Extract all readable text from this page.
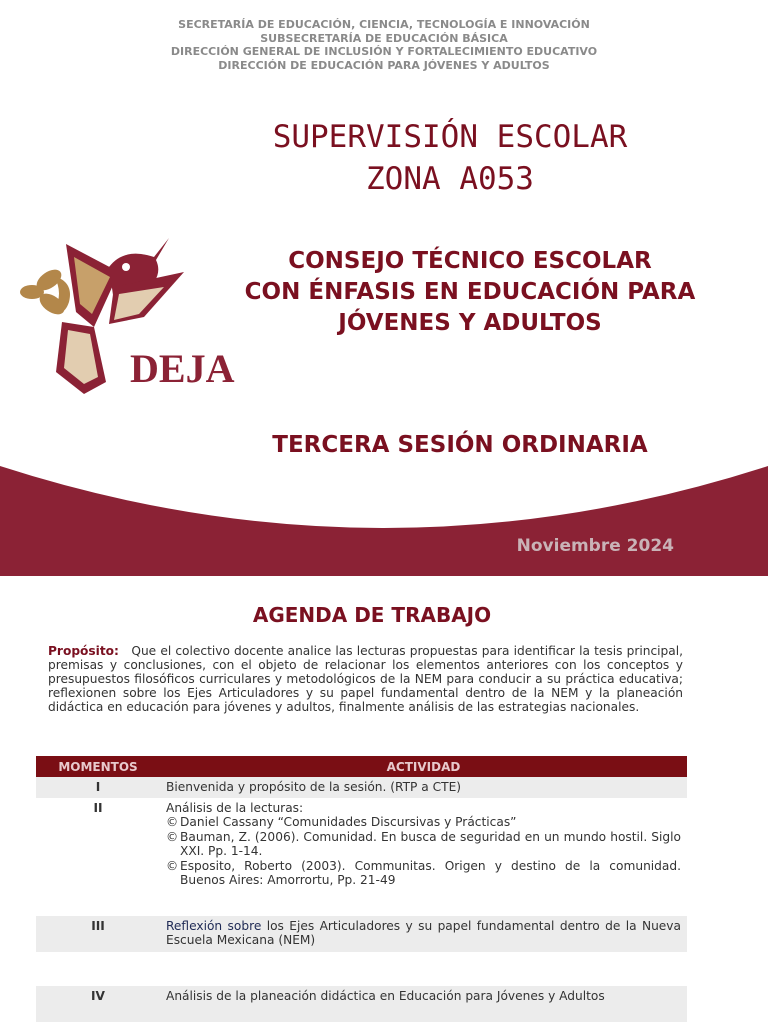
SECRETARÍA DE EDUCACIÓN, CIENCIA, TECNOLOGÍA E INNOVACIÓN
SUBSECRETARÍA DE EDUCACIÓN BÁSICA
DIRECCIÓN GENERAL DE INCLUSIÓN Y FORTALECIMIENTO EDUCATIVO
DIRECCIÓN DE EDUCACIÓN PARA JÓVENES Y ADULTOS
SUPERVISIÓN ESCOLAR
ZONA A053
DEJA
CONSEJO TÉCNICO ESCOLAR
CON ÉNFASIS EN EDUCACIÓN PARA
JÓVENES Y ADULTOS
TERCERA SESIÓN ORDINARIA
Noviembre 2024
AGENDA DE TRABAJO
Propósito: Que el colectivo docente analice las lecturas propuestas para identificar la tesis principal, premisas y conclusiones, con el objeto de relacionar los elementos anteriores con los conceptos y presupuestos filosóficos curriculares y metodológicos de la NEM para conducir a su práctica educativa; reflexionen sobre los Ejes Articuladores y su papel fundamental dentro de la NEM y la planeación didáctica en educación para jóvenes y adultos, finalmente análisis de las estrategias nacionales.
MOMENTOS	ACTIVIDAD
I	Bienvenida y propósito de la sesión. (RTP a CTE)
II	Análisis de la lecturas:
© Daniel Cassany “Comunidades Discursivas y Prácticas”
© Bauman, Z. (2006). Comunidad. En busca de seguridad en un mundo hostil. Siglo XXI. Pp. 1-14.
© Esposito, Roberto (2003). Communitas. Origen y destino de la comunidad. Buenos Aires: Amorrortu, Pp. 21-49
III	Reflexión sobre los Ejes Articuladores y su papel fundamental dentro de la Nueva Escuela Mexicana (NEM)
IV	Análisis de la planeación didáctica en Educación para Jóvenes y Adultos
